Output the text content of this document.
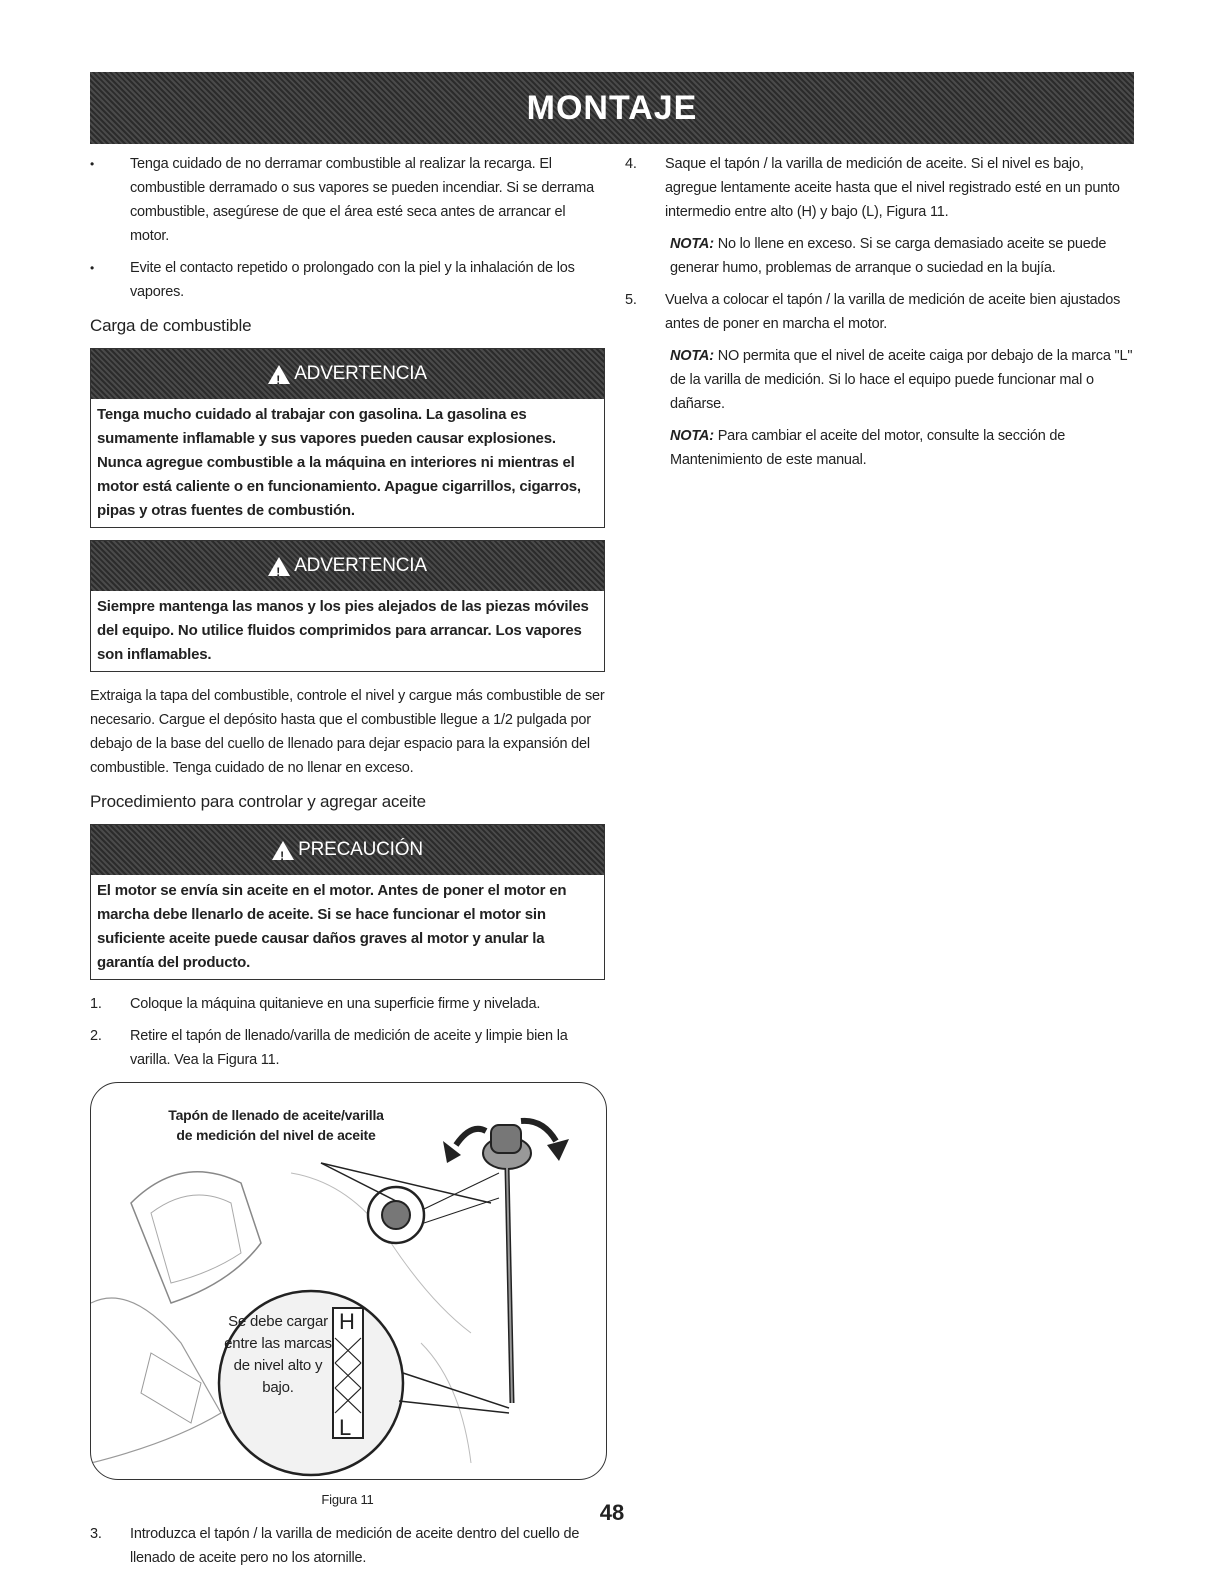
MONTAJE
• Tenga cuidado de no derramar combustible al realizar la recarga. El combustible derramado o sus vapores se pueden incendiar. Si se derrama combustible, asegúrese de que el área esté seca antes de arrancar el motor.
• Evite el contacto repetido o prolongado con la piel y la inhalación de los vapores.
Carga de combustible
!
ADVERTENCIA
Tenga mucho cuidado al trabajar con gasolina. La gasolina es sumamente inflamable y sus vapores pueden causar explosiones. Nunca agregue combustible a la máquina en interiores ni mientras el motor está caliente o en funcionamiento. Apague cigarrillos, cigarros, pipas y otras fuentes de combustión.
!
ADVERTENCIA
Siempre mantenga las manos y los pies alejados de las piezas móviles del equipo. No utilice fluidos comprimidos para arrancar. Los vapores son inflamables.
Extraiga la tapa del combustible, controle el nivel y cargue más combustible de ser necesario. Cargue el depósito hasta que el combustible llegue a 1/2 pulgada por debajo de la base del cuello de llenado para dejar espacio para la expansión del combustible. Tenga cuidado de no llenar en exceso.
Procedimiento para controlar y agregar aceite
!
PRECAUCIÓN
El motor se envía sin aceite en el motor. Antes de poner el motor en marcha debe llenarlo de aceite. Si se hace funcionar el motor sin suficiente aceite puede causar daños graves al motor y anular la garantía del producto.
1. Coloque la máquina quitanieve en una superficie firme y nivelada.
2. Retire el tapón de llenado/varilla de medición de aceite y limpie bien la varilla. Vea la Figura 11.
H
L
Tapón de llenado de aceite/varilla de medición del nivel de aceite
Se debe cargar entre las marcas de nivel alto y bajo.
Figura 11
3. Introduzca el tapón / la varilla de medición de aceite dentro del cuello de llenado de aceite pero no los atornille.
4. Saque el tapón / la varilla de medición de aceite. Si el nivel es bajo, agregue lentamente aceite hasta que el nivel registrado esté en un punto intermedio entre alto (H) y bajo (L), Figura 11.
NOTA: No lo llene en exceso. Si se carga demasiado aceite se puede generar humo, problemas de arranque o suciedad en la bujía.
5. Vuelva a colocar el tapón / la varilla de medición de aceite bien ajustados antes de poner en marcha el motor.
NOTA: NO permita que el nivel de aceite caiga por debajo de la marca "L" de la varilla de medición. Si lo hace el equipo puede funcionar mal o dañarse.
NOTA: Para cambiar el aceite del motor, consulte la sección de Mantenimiento de este manual.
48
